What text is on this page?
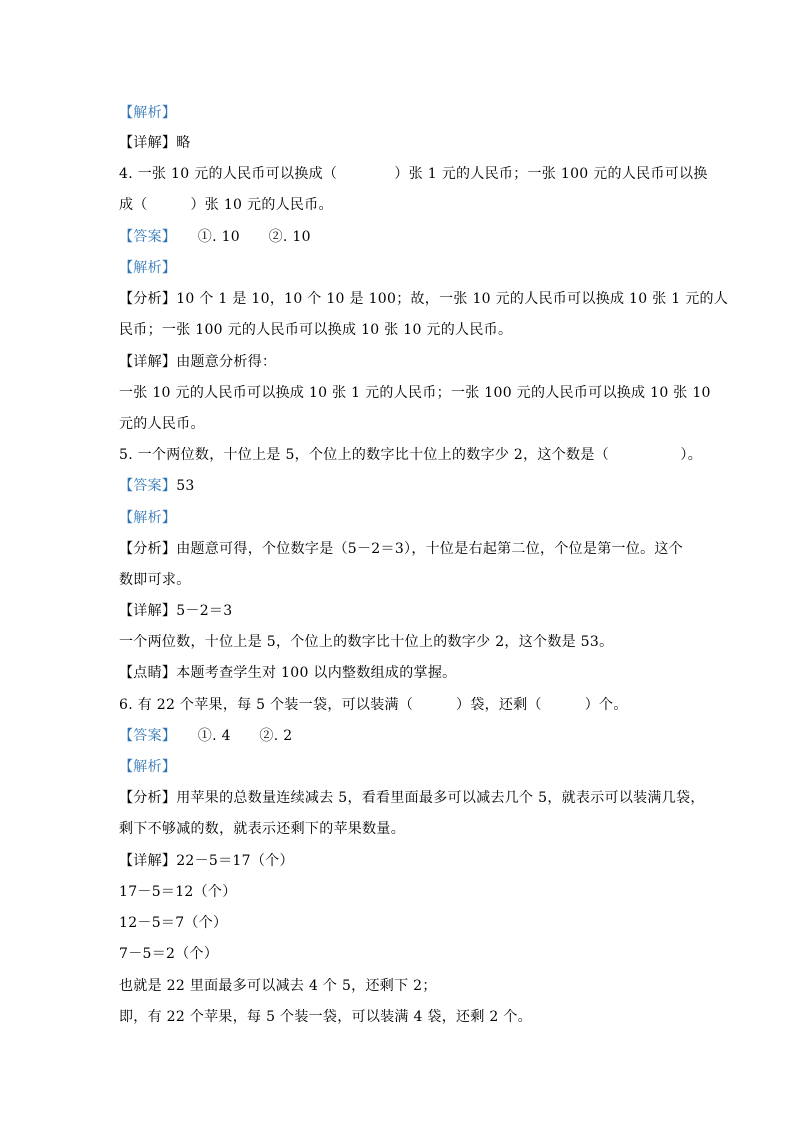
【解析】
【详解】略
4. 一张 10 元的人民币可以换成（　　　　）张 1 元的人民币；一张 100 元的人民币可以换
成（　　　）张 10 元的人民币。
【答案】　　①. 10　　②. 10
【解析】
【分析】10 个 1 是 10，10 个 10 是 100；故，一张 10 元的人民币可以换成 10 张 1 元的人
民币；一张 100 元的人民币可以换成 10 张 10 元的人民币。
【详解】由题意分析得：
一张 10 元的人民币可以换成 10 张 1 元的人民币；一张 100 元的人民币可以换成 10 张 10
元的人民币。
5. 一个两位数，十位上是 5，个位上的数字比十位上的数字少 2，这个数是（　　　　　）。
【答案】53
【解析】
【分析】由题意可得，个位数字是（5－2＝3），十位是右起第二位，个位是第一位。这个
数即可求。
【详解】5－2＝3
一个两位数，十位上是 5，个位上的数字比十位上的数字少 2，这个数是 53。
【点睛】本题考查学生对 100 以内整数组成的掌握。
6. 有 22 个苹果，每 5 个装一袋，可以装满（　　　）袋，还剩（　　　）个。
【答案】　　①. 4　　②. 2
【解析】
【分析】用苹果的总数量连续减去 5，看看里面最多可以减去几个 5，就表示可以装满几袋，
剩下不够减的数，就表示还剩下的苹果数量。
【详解】22－5＝17（个）
17－5＝12（个）
12－5＝7（个）
7－5＝2（个）
也就是 22 里面最多可以减去 4 个 5，还剩下 2；
即，有 22 个苹果，每 5 个装一袋，可以装满 4 袋，还剩 2 个。
